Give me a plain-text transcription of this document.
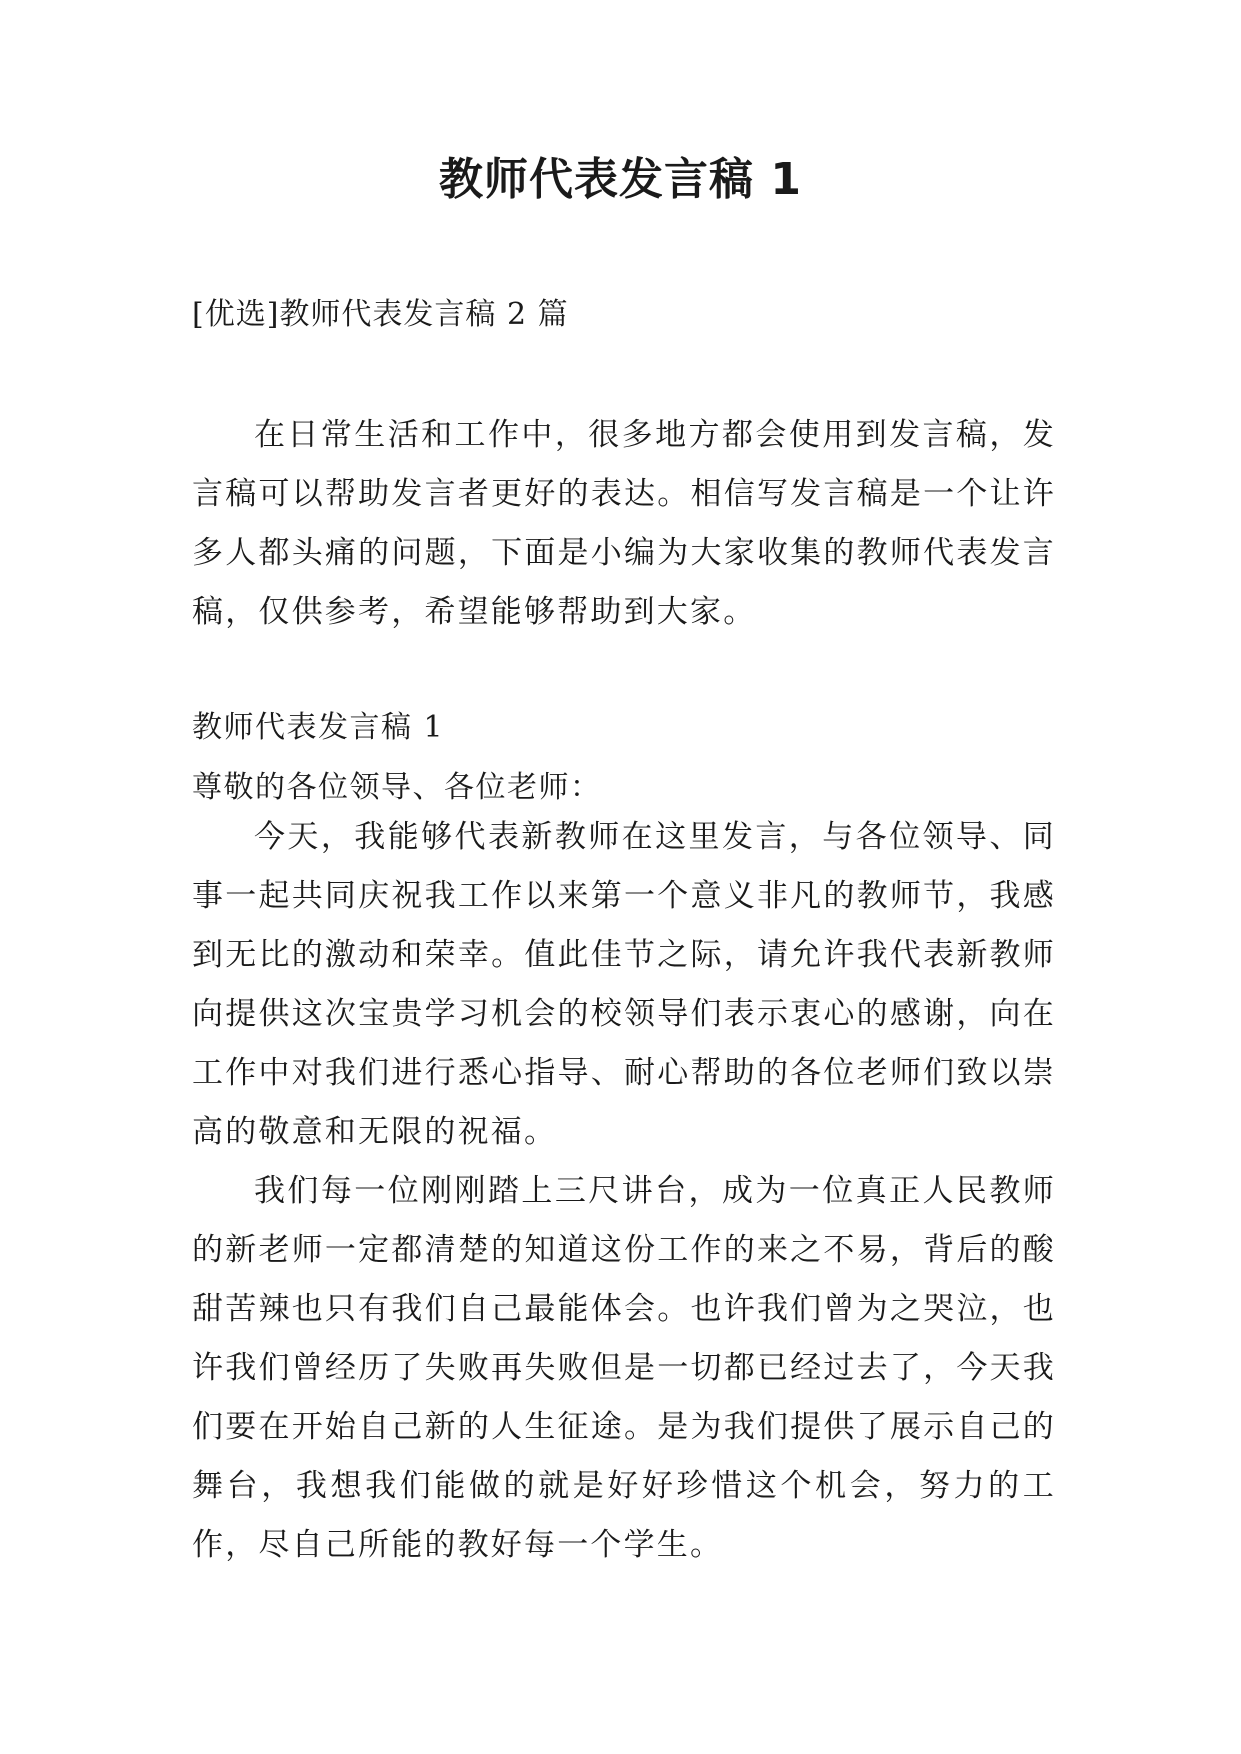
教师代表发言稿 1
[优选]教师代表发言稿 2 篇

在日常生活和工作中，很多地方都会使用到发言稿，发言稿可以帮助发言者更好的表达。相信写发言稿是一个让许多人都头痛的问题，下面是小编为大家收集的教师代表发言稿，仅供参考，希望能够帮助到大家。

教师代表发言稿 1
尊敬的各位领导、各位老师：

今天，我能够代表新教师在这里发言，与各位领导、同事一起共同庆祝我工作以来第一个意义非凡的教师节，我感到无比的激动和荣幸。值此佳节之际，请允许我代表新教师向提供这次宝贵学习机会的校领导们表示衷心的感谢，向在工作中对我们进行悉心指导、耐心帮助的各位老师们致以崇高的敬意和无限的祝福。

我们每一位刚刚踏上三尺讲台，成为一位真正人民教师的新老师一定都清楚的知道这份工作的来之不易，背后的酸甜苦辣也只有我们自己最能体会。也许我们曾为之哭泣，也许我们曾经历了失败再失败但是一切都已经过去了，今天我们要在开始自己新的人生征途。是为我们提供了展示自己的舞台，我想我们能做的就是好好珍惜这个机会，努力的工作，尽自己所能的教好每一个学生。
